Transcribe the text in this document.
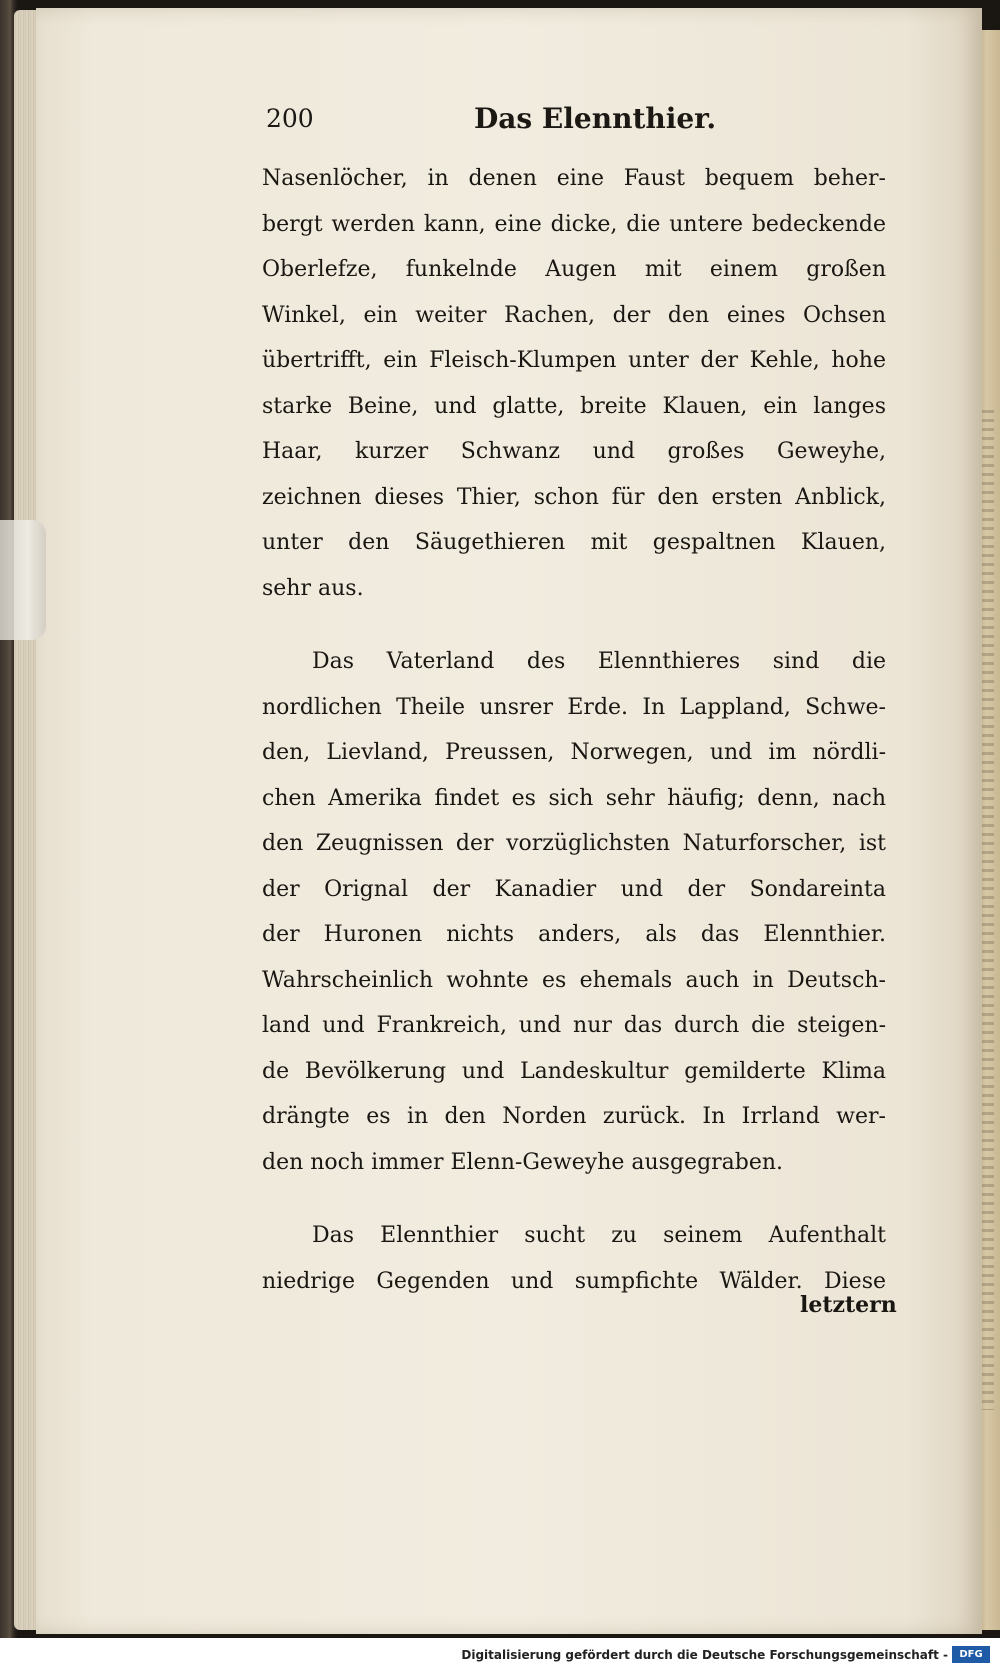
200	Das Elennthier.
Nasenlöcher, in denen eine Faust bequem beher-
bergt werden kann, eine dicke, die untere bedeckende
Oberlefze, funkelnde Augen mit einem großen
Winkel, ein weiter Rachen, der den eines Ochsen
übertrifft, ein Fleisch-Klumpen unter der Kehle, hohe
starke Beine, und glatte, breite Klauen, ein langes
Haar, kurzer Schwanz und großes Geweyhe,
zeichnen dieses Thier, schon für den ersten Anblick,
unter den Säugethieren mit gespaltnen Klauen,
sehr aus.
Das Vaterland des Elennthieres sind die
nordlichen Theile unsrer Erde. In Lappland, Schwe-
den, Lievland, Preussen, Norwegen, und im nördli-
chen Amerika findet es sich sehr häufig; denn, nach
den Zeugnissen der vorzüglichsten Naturforscher, ist
der Orignal der Kanadier und der Sondareinta
der Huronen nichts anders, als das Elennthier.
Wahrscheinlich wohnte es ehemals auch in Deutsch-
land und Frankreich, und nur das durch die steigen-
de Bevölkerung und Landeskultur gemilderte Klima
drängte es in den Norden zurück. In Irrland wer-
den noch immer Elenn-Geweyhe ausgegraben.
Das Elennthier sucht zu seinem Aufenthalt
niedrige Gegenden und sumpfichte Wälder. Diese
letztern
Digitalisierung gefördert durch die Deutsche Forschungsgemeinschaft -	DFG
